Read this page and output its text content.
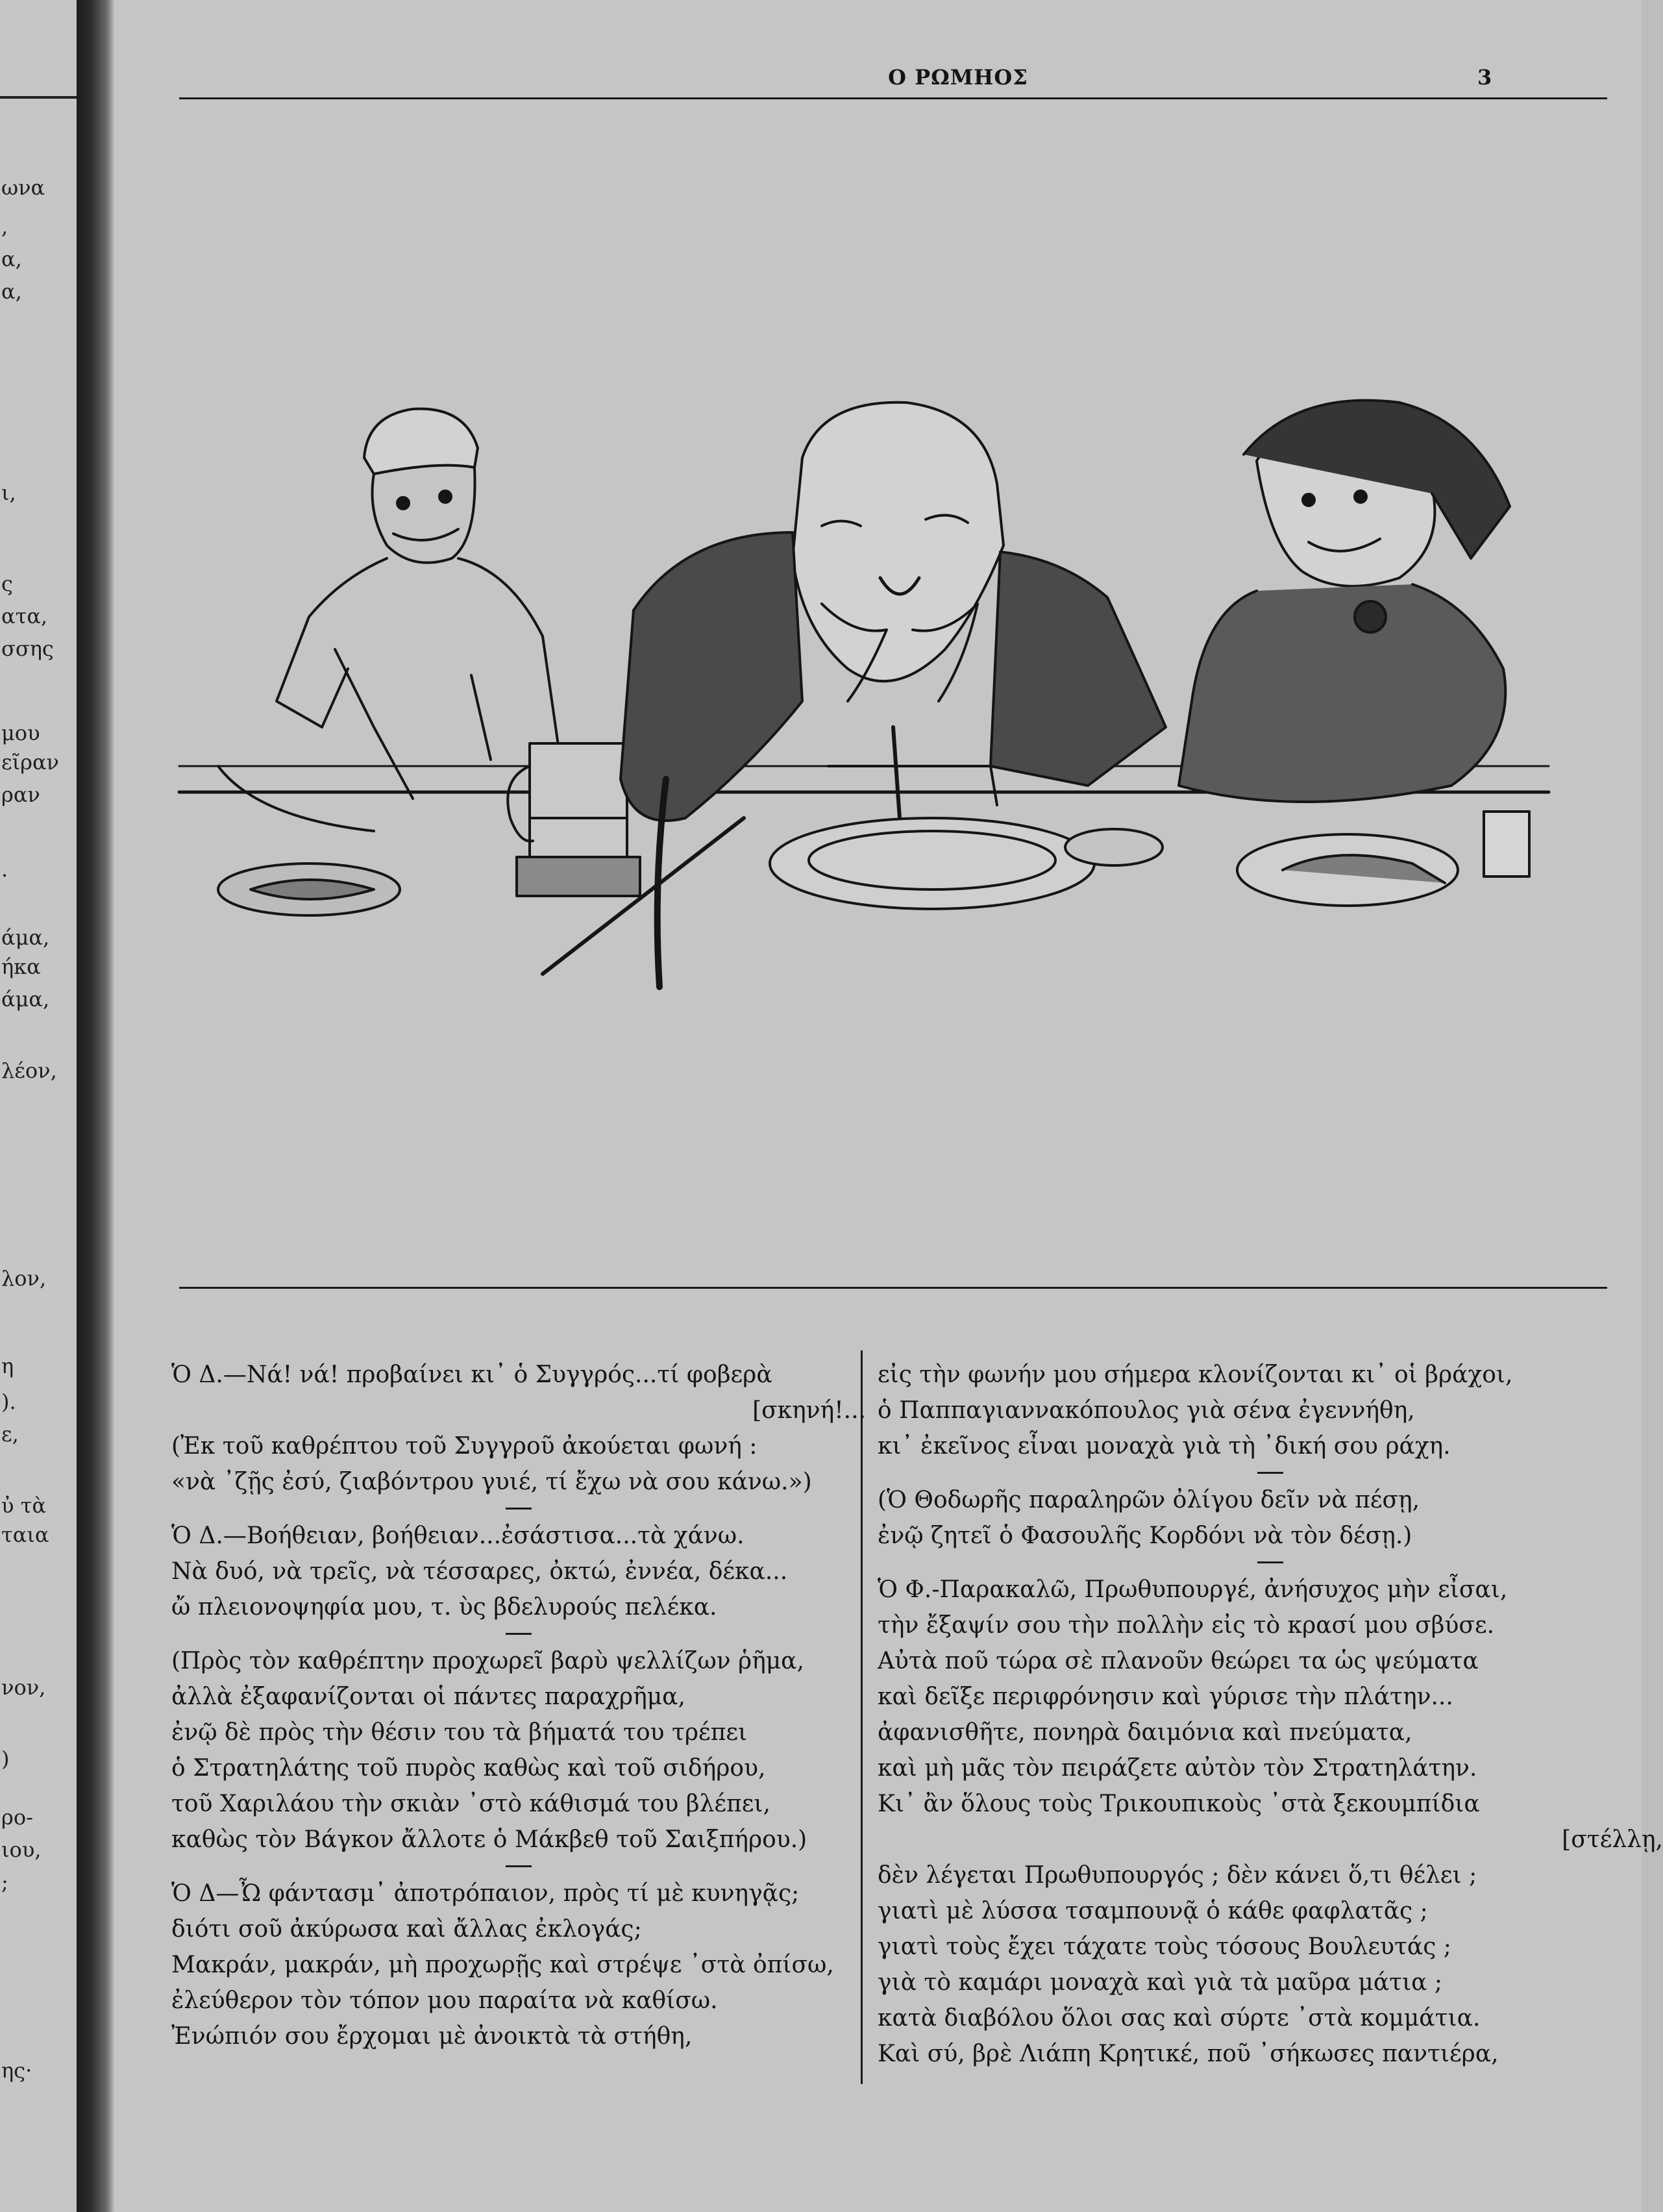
ωνα
,
α,
α,
ι,
ς
ατα,
σσης
μου
εῖραν
ραν
.
άμα,
ήκα
άμα,
λέον,
λον,
η
).
ε,
ὐ τὰ
ταια
νον,
)
ρο-
ιου,
;
ης·
Ο ΡΩΜΗΟΣ	3
Ὁ Δ.—Νά! νά! προβαίνει κι᾿ ὁ Συγγρός...τί φοβερὰ
[σκηνή!...
(Ἐκ τοῦ καθρέπτου τοῦ Συγγροῦ ἀκούεται φωνή :
«νὰ ᾿ζῇς ἐσύ, ζιαβόντρου γυιέ, τί ἔχω νὰ σου κάνω.»)
Ὁ Δ.—Βοήθειαν, βοήθειαν...ἐσάστισα...τὰ χάνω.
Νὰ δυό, νὰ τρεῖς, νὰ τέσσαρες, ὀκτώ, ἐννέα, δέκα...
ὤ πλειονοψηφία μου, τ. ὺς βδελυρούς πελέκα.
(Πρὸς τὸν καθρέπτην προχωρεῖ βαρὺ ψελλίζων ῥῆμα,
ἀλλὰ ἐξαφανίζονται οἱ πάντες παραχρῆμα,
ἐνῷ δὲ πρὸς τὴν θέσιν του τὰ βήματά του τρέπει
ὁ Στρατηλάτης τοῦ πυρὸς καθὼς καὶ τοῦ σιδήρου,
τοῦ Χαριλάου τὴν σκιὰν ᾿στὸ κάθισμά του βλέπει,
καθὼς τὸν Βάγκον ἄλλοτε ὁ Μάκβεθ τοῦ Σαιξπήρου.)
Ὁ Δ—Ὦ φάντασμ᾿ ἀποτρόπαιον, πρὸς τί μὲ κυνηγᾷς;
διότι σοῦ ἀκύρωσα καὶ ἄλλας ἐκλογάς;
Μακράν, μακράν, μὴ προχωρῇς καὶ στρέψε ᾿στὰ ὀπίσω,
ἐλεύθερον τὸν τόπον μου παραίτα νὰ καθίσω.
Ἐνώπιόν σου ἔρχομαι μὲ ἀνοικτὰ τὰ στήθη,
εἰς τὴν φωνήν μου σήμερα κλονίζονται κι᾿ οἱ βράχοι,
ὁ Παππαγιαννακόπουλος γιὰ σένα ἐγεννήθη,
κι᾿ ἐκεῖνος εἶναι μοναχὰ γιὰ τὴ ᾿δική σου ράχη.
(Ὁ Θοδωρῆς παραληρῶν ὀλίγου δεῖν νὰ πέσῃ,
ἐνῷ ζητεῖ ὁ Φασουλῆς Κορδόνι νὰ τὸν δέσῃ.)
Ὁ Φ.-Παρακαλῶ, Πρωθυπουργέ, ἀνήσυχος μὴν εἶσαι,
τὴν ἔξαψίν σου τὴν πολλὴν εἰς τὸ κρασί μου σβύσε.
Αὐτὰ ποῦ τώρα σὲ πλανοῦν θεώρει τα ὡς ψεύματα
καὶ δεῖξε περιφρόνησιν καὶ γύρισε τὴν πλάτην...
ἀφανισθῆτε, πονηρὰ δαιμόνια καὶ πνεύματα,
καὶ μὴ μᾶς τὸν πειράζετε αὐτὸν τὸν Στρατηλάτην.
Κι᾿ ἂν ὅλους τοὺς Τρικουπικοὺς ᾿στὰ ξεκουμπίδια
[στέλλῃ,
δὲν λέγεται Πρωθυπουργός ; δὲν κάνει ὅ,τι θέλει ;
γιατὶ μὲ λύσσα τσαμπουνᾷ ὁ κάθε φαφλατᾶς ;
γιατὶ τοὺς ἔχει τάχατε τοὺς τόσους Βουλευτάς ;
γιὰ τὸ καμάρι μοναχὰ καὶ γιὰ τὰ μαῦρα μάτια ;
κατὰ διαβόλου ὅλοι σας καὶ σύρτε ᾿στὰ κομμάτια.
Καὶ σύ, βρὲ Λιάπη Κρητικέ, ποῦ ᾿σήκωσες παντιέρα,
